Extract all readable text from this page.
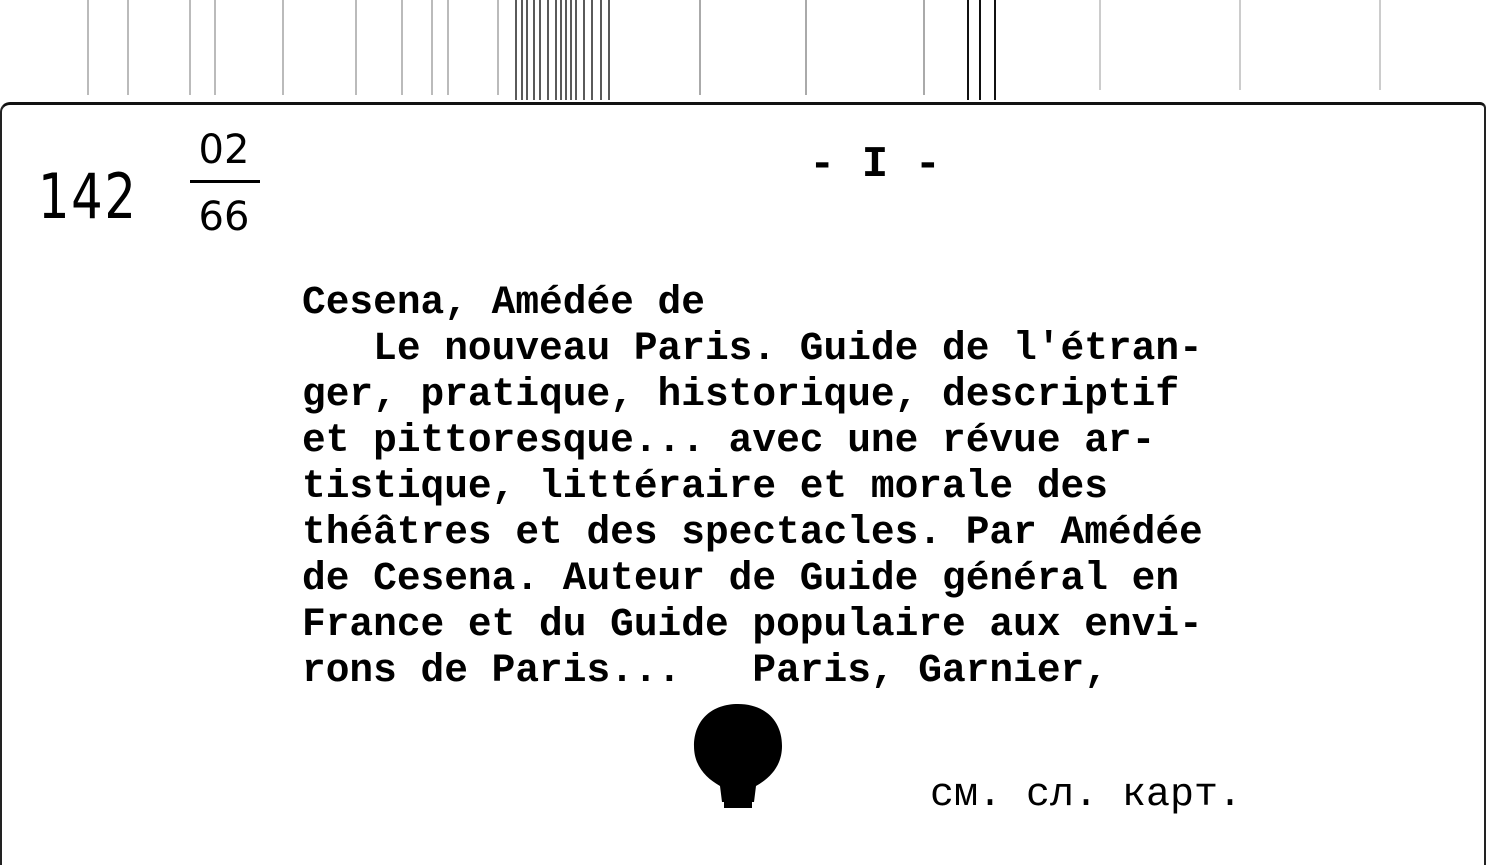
142
02
66
- I -
Cesena, Amédée de
Le nouveau Paris. Guide de l'étran-
ger, pratique, historique, descriptif
et pittoresque... avec une révue ar-
tistique, littéraire et morale des
théâtres et des spectacles. Par Amédée
de Cesena. Auteur de Guide général en
France et du Guide populaire aux envi-
rons de Paris...   Paris, Garnier,
см. сл. карт.
